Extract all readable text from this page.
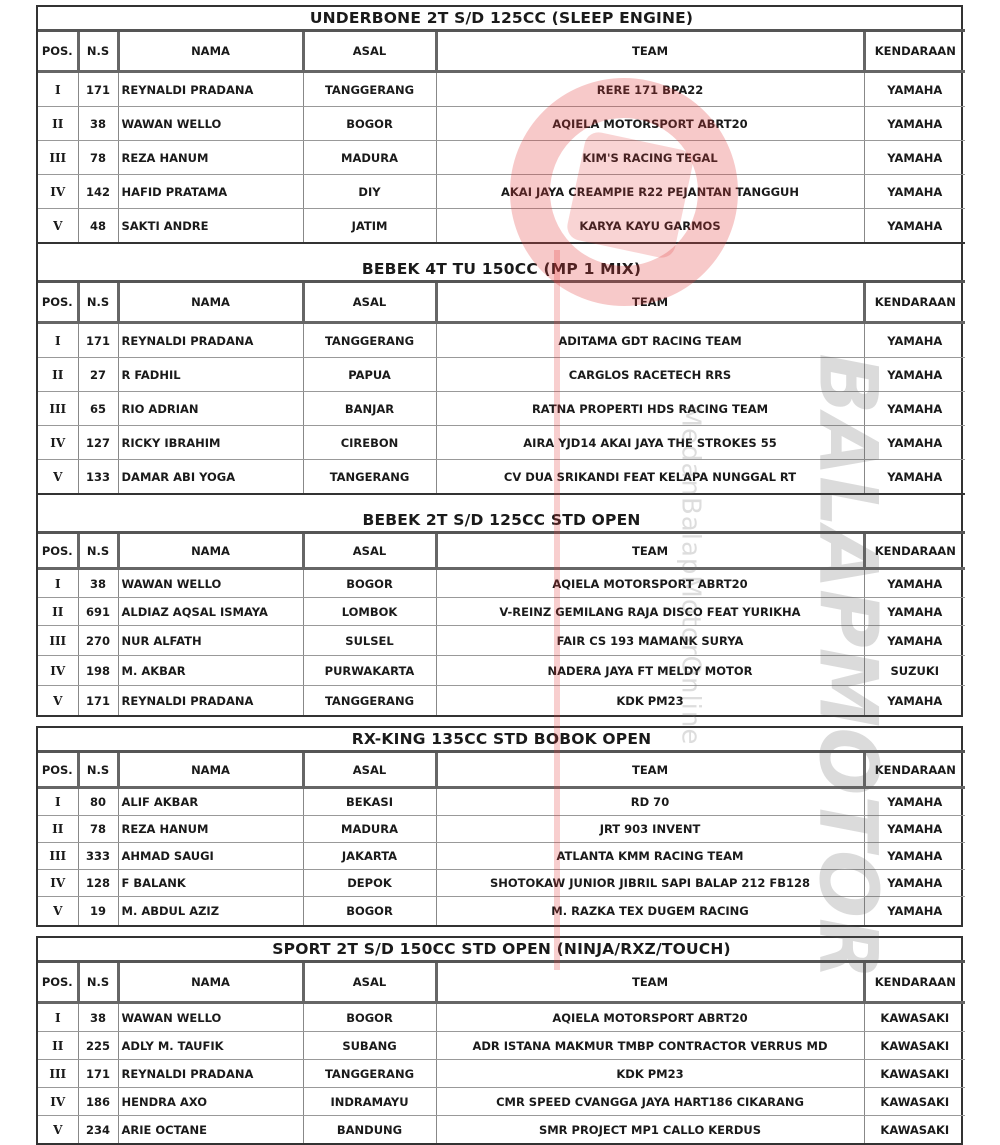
UNDERBONE 2T S/D 125CC (SLEEP ENGINE)					
POS.	N.S	NAMA	ASAL	TEAM	KENDARAAN
I	171	REYNALDI PRADANA	TANGGERANG	RERE 171 BPA22	YAMAHA
II	38	WAWAN WELLO	BOGOR	AQIELA MOTORSPORT ABRT20	YAMAHA
III	78	REZA HANUM	MADURA	KIM'S RACING TEGAL	YAMAHA
IV	142	HAFID PRATAMA	DIY	AKAI JAYA CREAMPIE R22 PEJANTAN TANGGUH	YAMAHA
V	48	SAKTI ANDRE	JATIM	KARYA KAYU GARMOS	YAMAHA

BEBEK 4T TU 150CC (MP 1 MIX)					
POS.	N.S	NAMA	ASAL	TEAM	KENDARAAN
I	171	REYNALDI PRADANA	TANGGERANG	ADITAMA GDT RACING TEAM	YAMAHA
II	27	R FADHIL	PAPUA	CARGLOS RACETECH RRS	YAMAHA
III	65	RIO ADRIAN	BANJAR	RATNA PROPERTI HDS RACING TEAM	YAMAHA
IV	127	RICKY IBRAHIM	CIREBON	AIRA YJD14 AKAI JAYA THE STROKES 55	YAMAHA
V	133	DAMAR ABI YOGA	TANGERANG	CV DUA SRIKANDI FEAT KELAPA NUNGGAL RT	YAMAHA

BEBEK 2T S/D 125CC STD OPEN					
POS.	N.S	NAMA	ASAL	TEAM	KENDARAAN
I	38	WAWAN WELLO	BOGOR	AQIELA MOTORSPORT ABRT20	YAMAHA
II	691	ALDIAZ AQSAL ISMAYA	LOMBOK	V-REINZ GEMILANG RAJA DISCO FEAT YURIKHA	YAMAHA
III	270	NUR ALFATH	SULSEL	FAIR CS 193 MAMANK SURYA	YAMAHA
IV	198	M. AKBAR	PURWAKARTA	NADERA JAYA FT MELDY MOTOR	SUZUKI
V	171	REYNALDI PRADANA	TANGGERANG	KDK PM23	YAMAHA
RX-KING 135CC STD BOBOK OPEN					
POS.	N.S	NAMA	ASAL	TEAM	KENDARAAN
I	80	ALIF AKBAR	BEKASI	RD 70	YAMAHA
II	78	REZA HANUM	MADURA	JRT 903 INVENT	YAMAHA
III	333	AHMAD SAUGI	JAKARTA	ATLANTA KMM RACING TEAM	YAMAHA
IV	128	F BALANK	DEPOK	SHOTOKAW JUNIOR JIBRIL SAPI BALAP 212 FB128	YAMAHA
V	19	M. ABDUL AZIZ	BOGOR	M. RAZKA TEX DUGEM RACING	YAMAHA
SPORT 2T S/D 150CC STD OPEN (NINJA/RXZ/TOUCH)					
POS.	N.S	NAMA	ASAL	TEAM	KENDARAAN
I	38	WAWAN WELLO	BOGOR	AQIELA MOTORSPORT ABRT20	KAWASAKI
II	225	ADLY M. TAUFIK	SUBANG	ADR ISTANA MAKMUR TMBP CONTRACTOR VERRUS MD	KAWASAKI
III	171	REYNALDI PRADANA	TANGGERANG	KDK PM23	KAWASAKI
IV	186	HENDRA AXO	INDRAMAYU	CMR SPEED CVANGGA JAYA HART186 CIKARANG	KAWASAKI
V	234	ARIE OCTANE	BANDUNG	SMR PROJECT MP1 CALLO KERDUS	KAWASAKI
BALAPMOTOR
MedanBalapMotorOnline
